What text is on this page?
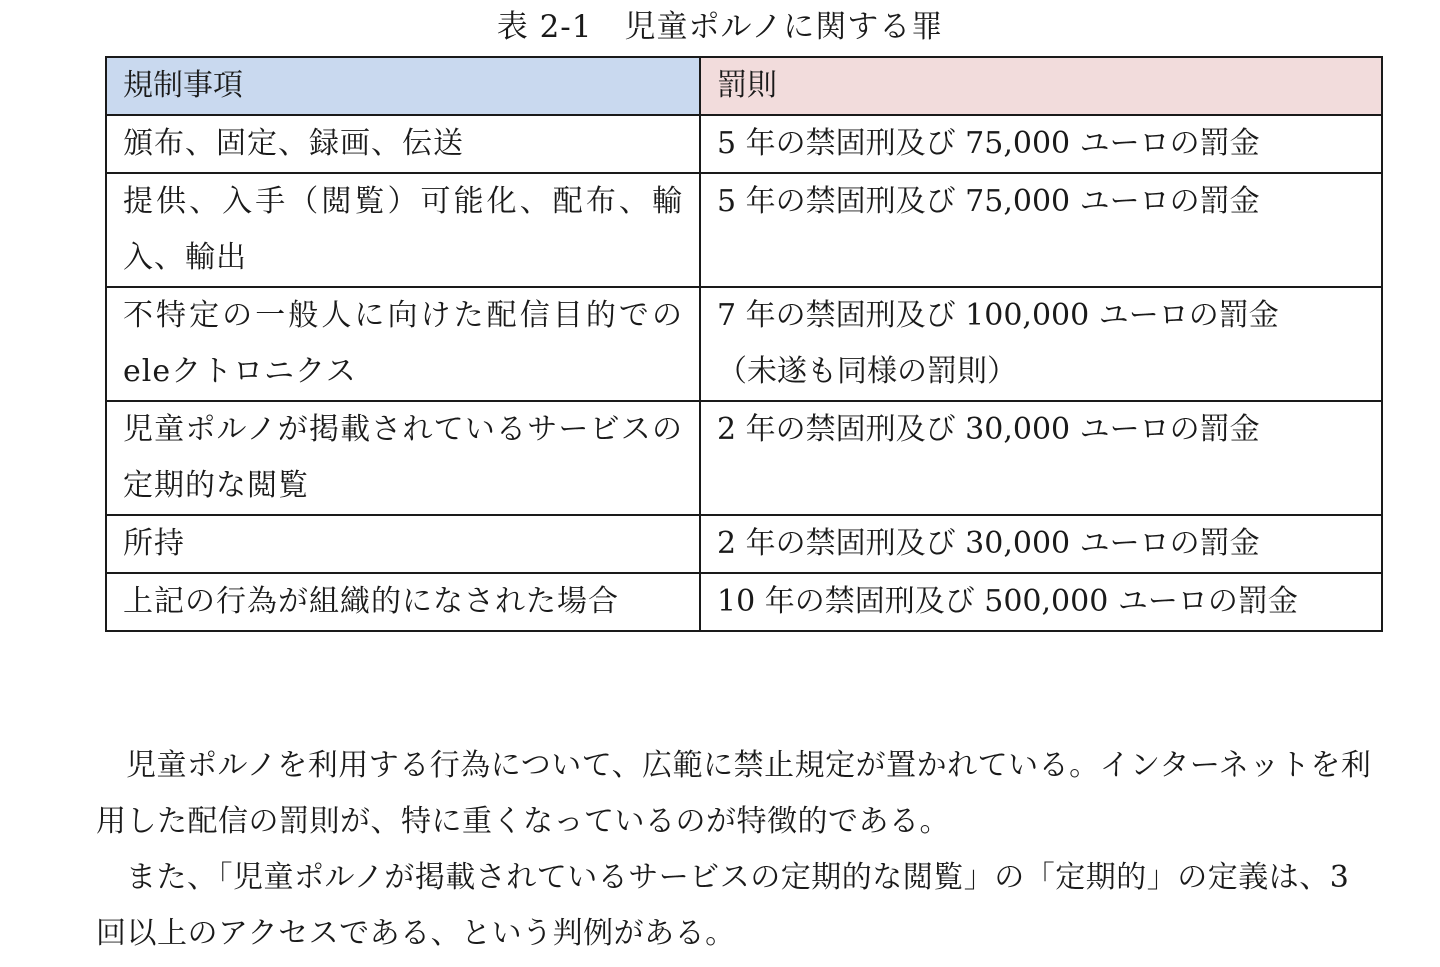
表 2-1　児童ポルノに関する罪
規制事項	罰則
頒布、固定、録画、伝送	5 年の禁固刑及び 75,000 ユーロの罰金

提供、入手（閲覧）可能化、配布、輸入、輸出	5 年の禁固刑及び 75,000 ユーロの罰金

不特定の一般人に向けた配信目的でのeleクトロニクス	7 年の禁固刑及び 100,000 ユーロの罰金
（未遂も同様の罰則）

児童ポルノが掲載されているサービスの定期的な閲覧	2 年の禁固刑及び 30,000 ユーロの罰金

所持	2 年の禁固刑及び 30,000 ユーロの罰金

上記の行為が組織的になされた場合	10 年の禁固刑及び 500,000 ユーロの罰金

児童ポルノを利用する行為について、広範に禁止規定が置かれている。インターネットを利用した配信の罰則が、特に重くなっているのが特徴的である。

また、「児童ポルノが掲載されているサービスの定期的な閲覧」の「定期的」の定義は、3 回以上のアクセスである、という判例がある。
